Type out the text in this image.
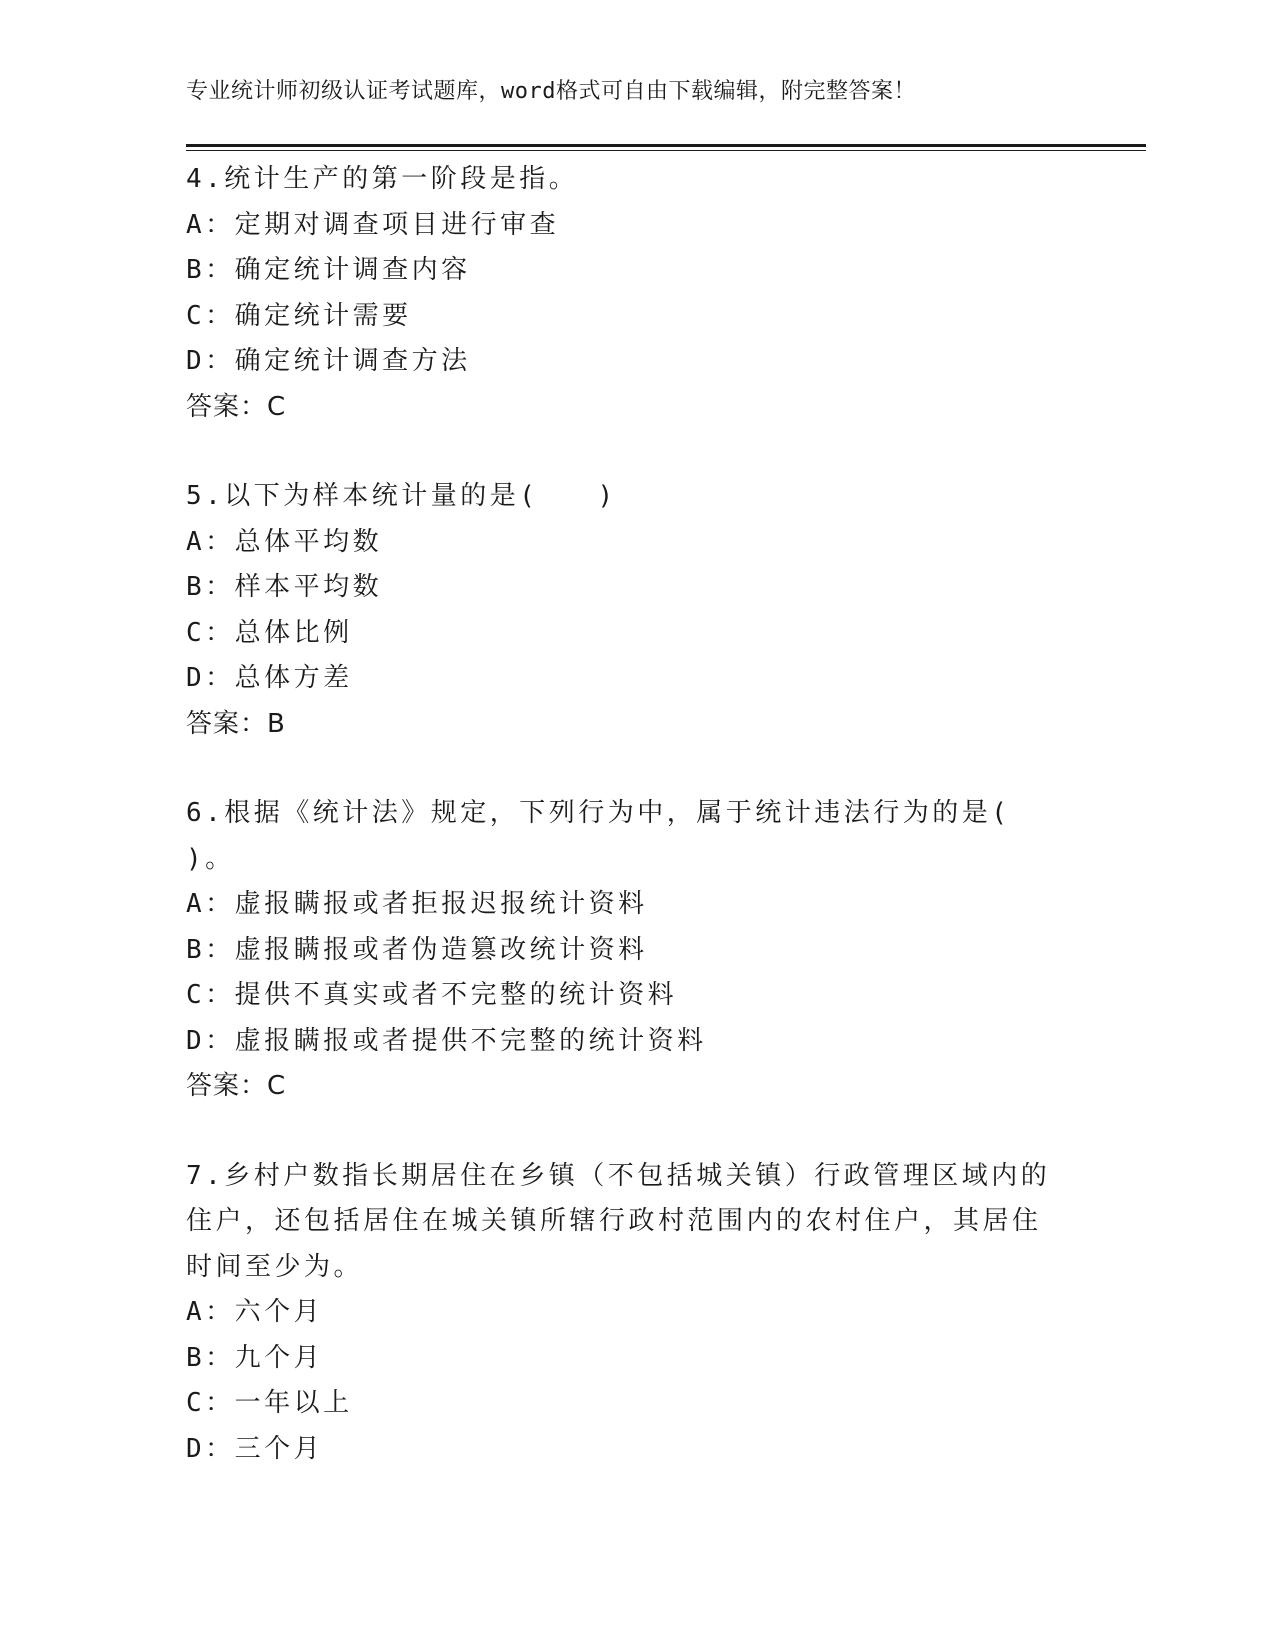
专业统计师初级认证考试题库，word格式可自由下载编辑，附完整答案！
4.统计生产的第一阶段是指。
A：定期对调查项目进行审查
B：确定统计调查内容
C：确定统计需要
D：确定统计调查方法
答案：C
5.以下为样本统计量的是(　　)
A：总体平均数
B：样本平均数
C：总体比例
D：总体方差
答案：B
6.根据《统计法》规定，下列行为中，属于统计违法行为的是(　　)。
A：虚报瞒报或者拒报迟报统计资料
B：虚报瞒报或者伪造篡改统计资料
C：提供不真实或者不完整的统计资料
D：虚报瞒报或者提供不完整的统计资料
答案：C
7.乡村户数指长期居住在乡镇（不包括城关镇）行政管理区域内的住户，还包括居住在城关镇所辖行政村范围内的农村住户，其居住时间至少为。
A：六个月
B：九个月
C：一年以上
D：三个月
